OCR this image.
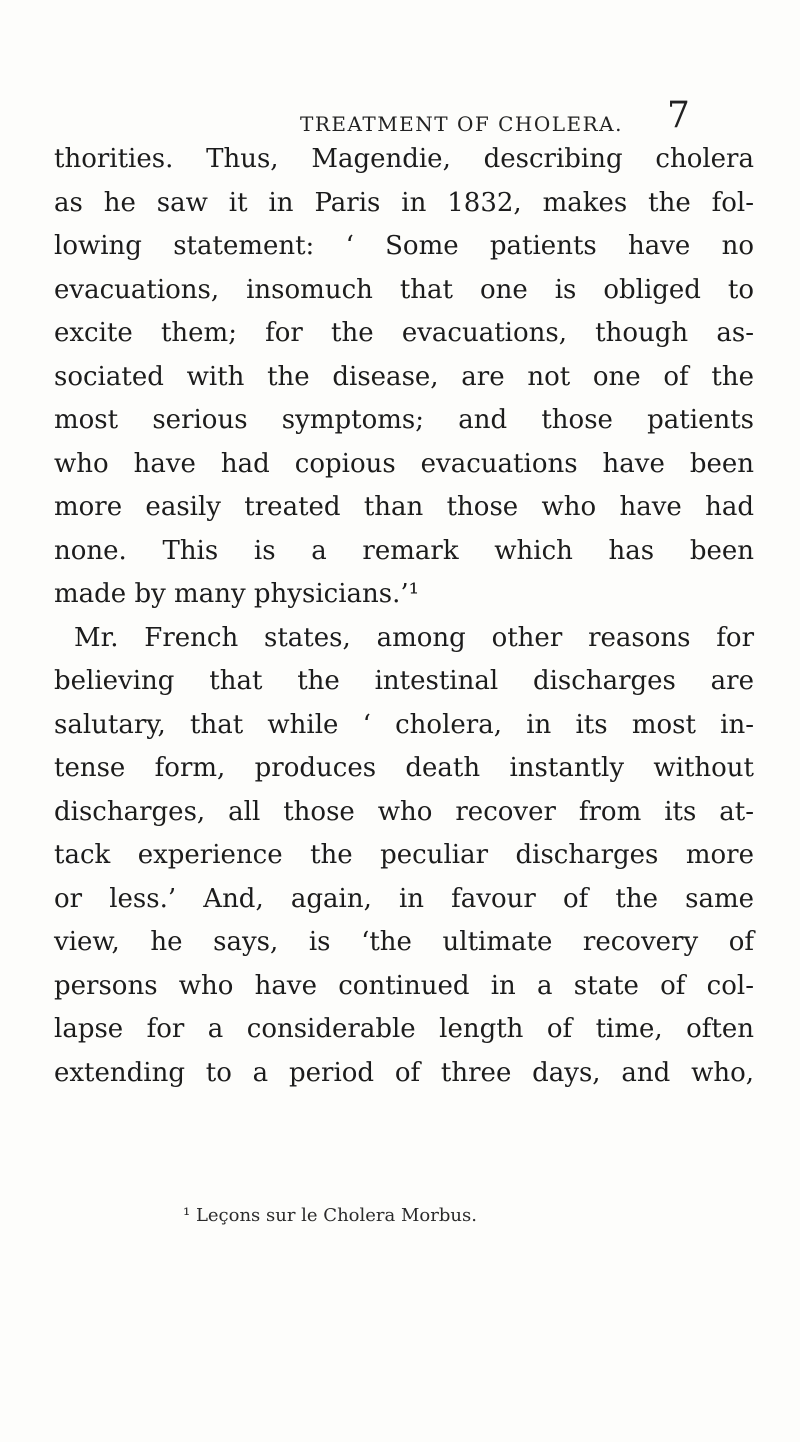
TREATMENT OF CHOLERA. 7
thorities. Thus, Magendie, describing cholera
as he saw it in Paris in 1832, makes the fol-
lowing statement: ‘ Some patients have no
evacuations, insomuch that one is obliged to
excite them; for the evacuations, though as-
sociated with the disease, are not one of the
most serious symptoms; and those patients
who have had copious evacuations have been
more easily treated than those who have had
none. This is a remark which has been
made by many physicians.’¹
Mr. French states, among other reasons for
believing that the intestinal discharges are
salutary, that while ‘ cholera, in its most in-
tense form, produces death instantly without
discharges, all those who recover from its at-
tack experience the peculiar discharges more
or less.’ And, again, in favour of the same
view, he says, is ‘the ultimate recovery of
persons who have continued in a state of col-
lapse for a considerable length of time, often
extending to a period of three days, and who,
¹ Leçons sur le Cholera Morbus.
